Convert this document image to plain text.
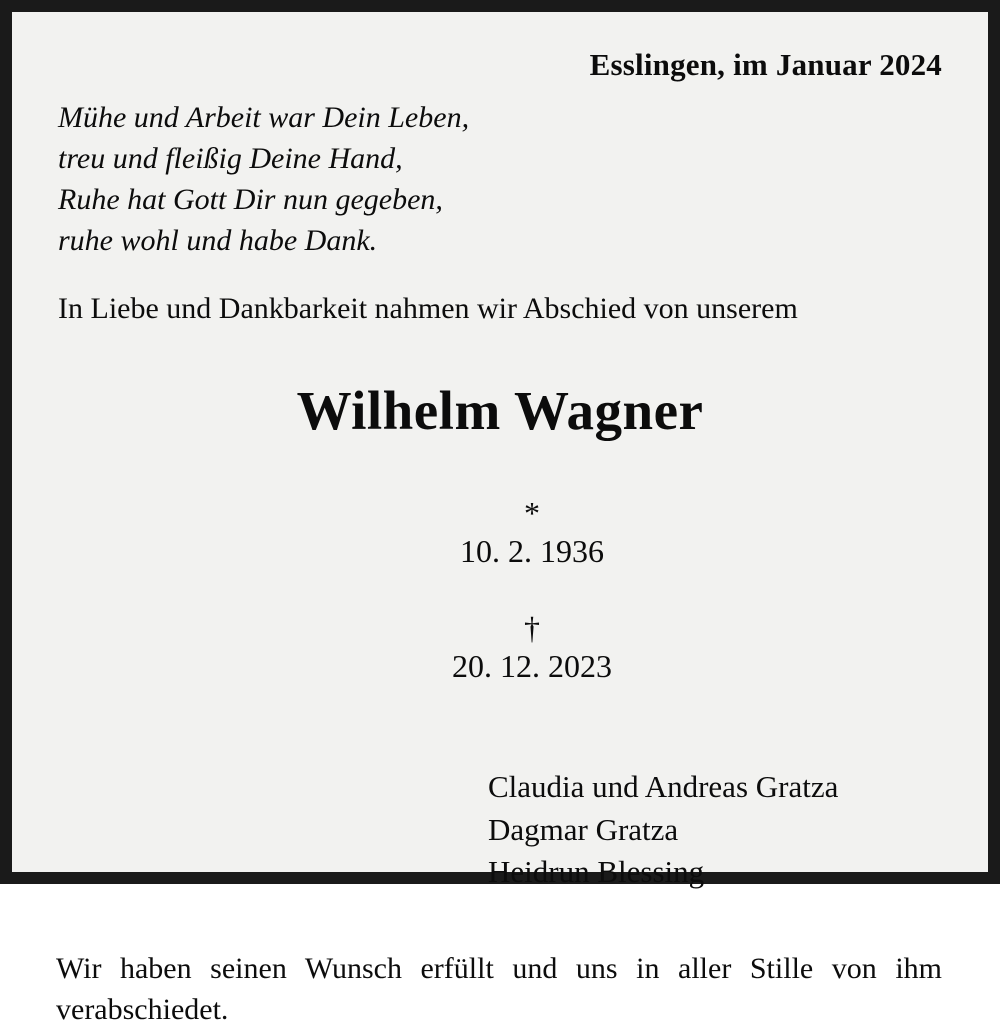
Esslingen, im Januar 2024
Mühe und Arbeit war Dein Leben,
treu und fleißig Deine Hand,
Ruhe hat Gott Dir nun gegeben,
ruhe wohl und habe Dank.
In Liebe und Dankbarkeit nahmen wir Abschied von unserem
Wilhelm Wagner

*
10. 2. 1936

†
20. 12. 2023

Claudia und Andreas Gratza
Dagmar Gratza
Heidrun Blessing
Wir haben seinen Wunsch erfüllt und uns in aller Stille von ihm verabschiedet.
